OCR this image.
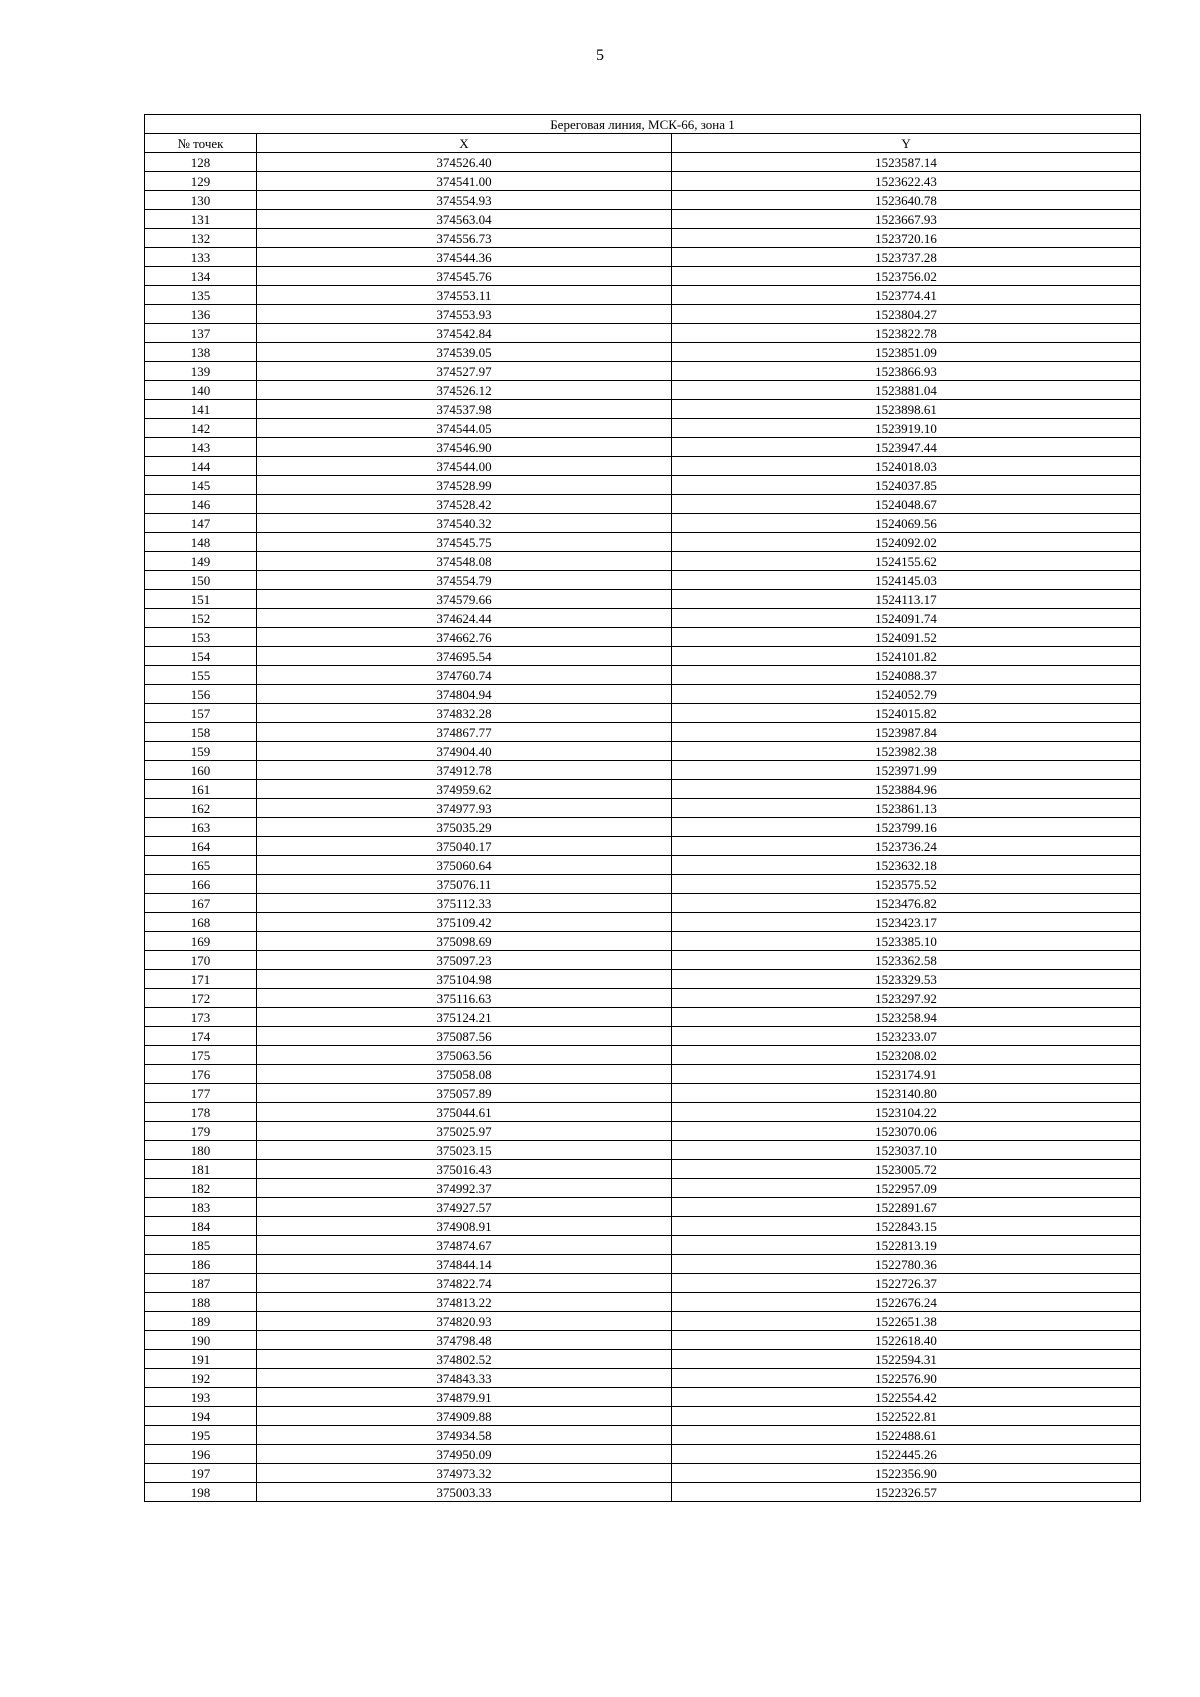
5
Береговая линия, МСК-66, зона 1		
№ точек	X	Y
128	374526.40	1523587.14
129	374541.00	1523622.43
130	374554.93	1523640.78
131	374563.04	1523667.93
132	374556.73	1523720.16
133	374544.36	1523737.28
134	374545.76	1523756.02
135	374553.11	1523774.41
136	374553.93	1523804.27
137	374542.84	1523822.78
138	374539.05	1523851.09
139	374527.97	1523866.93
140	374526.12	1523881.04
141	374537.98	1523898.61
142	374544.05	1523919.10
143	374546.90	1523947.44
144	374544.00	1524018.03
145	374528.99	1524037.85
146	374528.42	1524048.67
147	374540.32	1524069.56
148	374545.75	1524092.02
149	374548.08	1524155.62
150	374554.79	1524145.03
151	374579.66	1524113.17
152	374624.44	1524091.74
153	374662.76	1524091.52
154	374695.54	1524101.82
155	374760.74	1524088.37
156	374804.94	1524052.79
157	374832.28	1524015.82
158	374867.77	1523987.84
159	374904.40	1523982.38
160	374912.78	1523971.99
161	374959.62	1523884.96
162	374977.93	1523861.13
163	375035.29	1523799.16
164	375040.17	1523736.24
165	375060.64	1523632.18
166	375076.11	1523575.52
167	375112.33	1523476.82
168	375109.42	1523423.17
169	375098.69	1523385.10
170	375097.23	1523362.58
171	375104.98	1523329.53
172	375116.63	1523297.92
173	375124.21	1523258.94
174	375087.56	1523233.07
175	375063.56	1523208.02
176	375058.08	1523174.91
177	375057.89	1523140.80
178	375044.61	1523104.22
179	375025.97	1523070.06
180	375023.15	1523037.10
181	375016.43	1523005.72
182	374992.37	1522957.09
183	374927.57	1522891.67
184	374908.91	1522843.15
185	374874.67	1522813.19
186	374844.14	1522780.36
187	374822.74	1522726.37
188	374813.22	1522676.24
189	374820.93	1522651.38
190	374798.48	1522618.40
191	374802.52	1522594.31
192	374843.33	1522576.90
193	374879.91	1522554.42
194	374909.88	1522522.81
195	374934.58	1522488.61
196	374950.09	1522445.26
197	374973.32	1522356.90
198	375003.33	1522326.57
